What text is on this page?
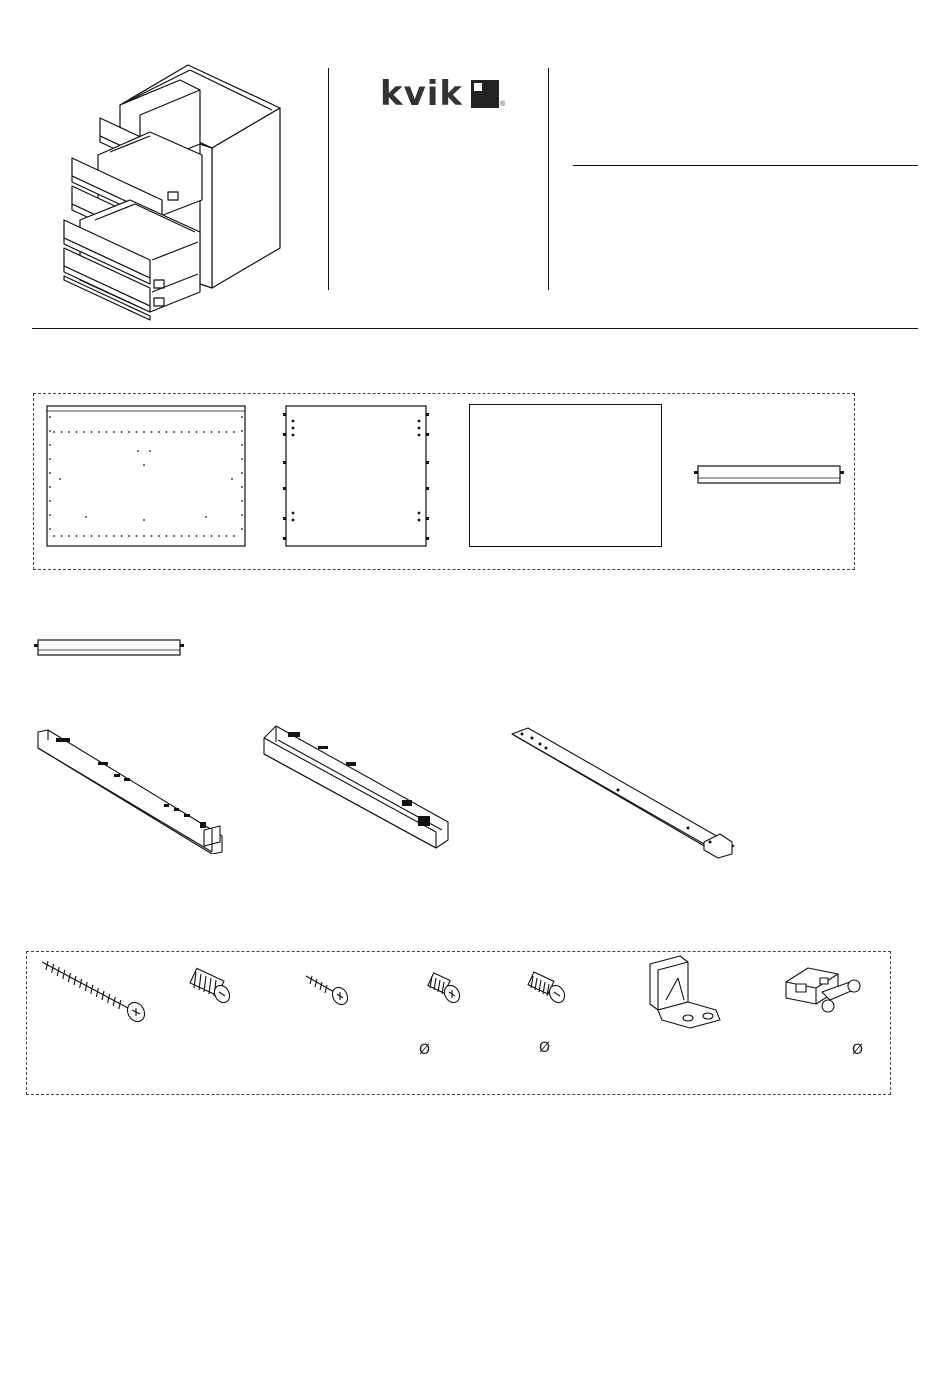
kvik	®
Ø	Ø	Ø
